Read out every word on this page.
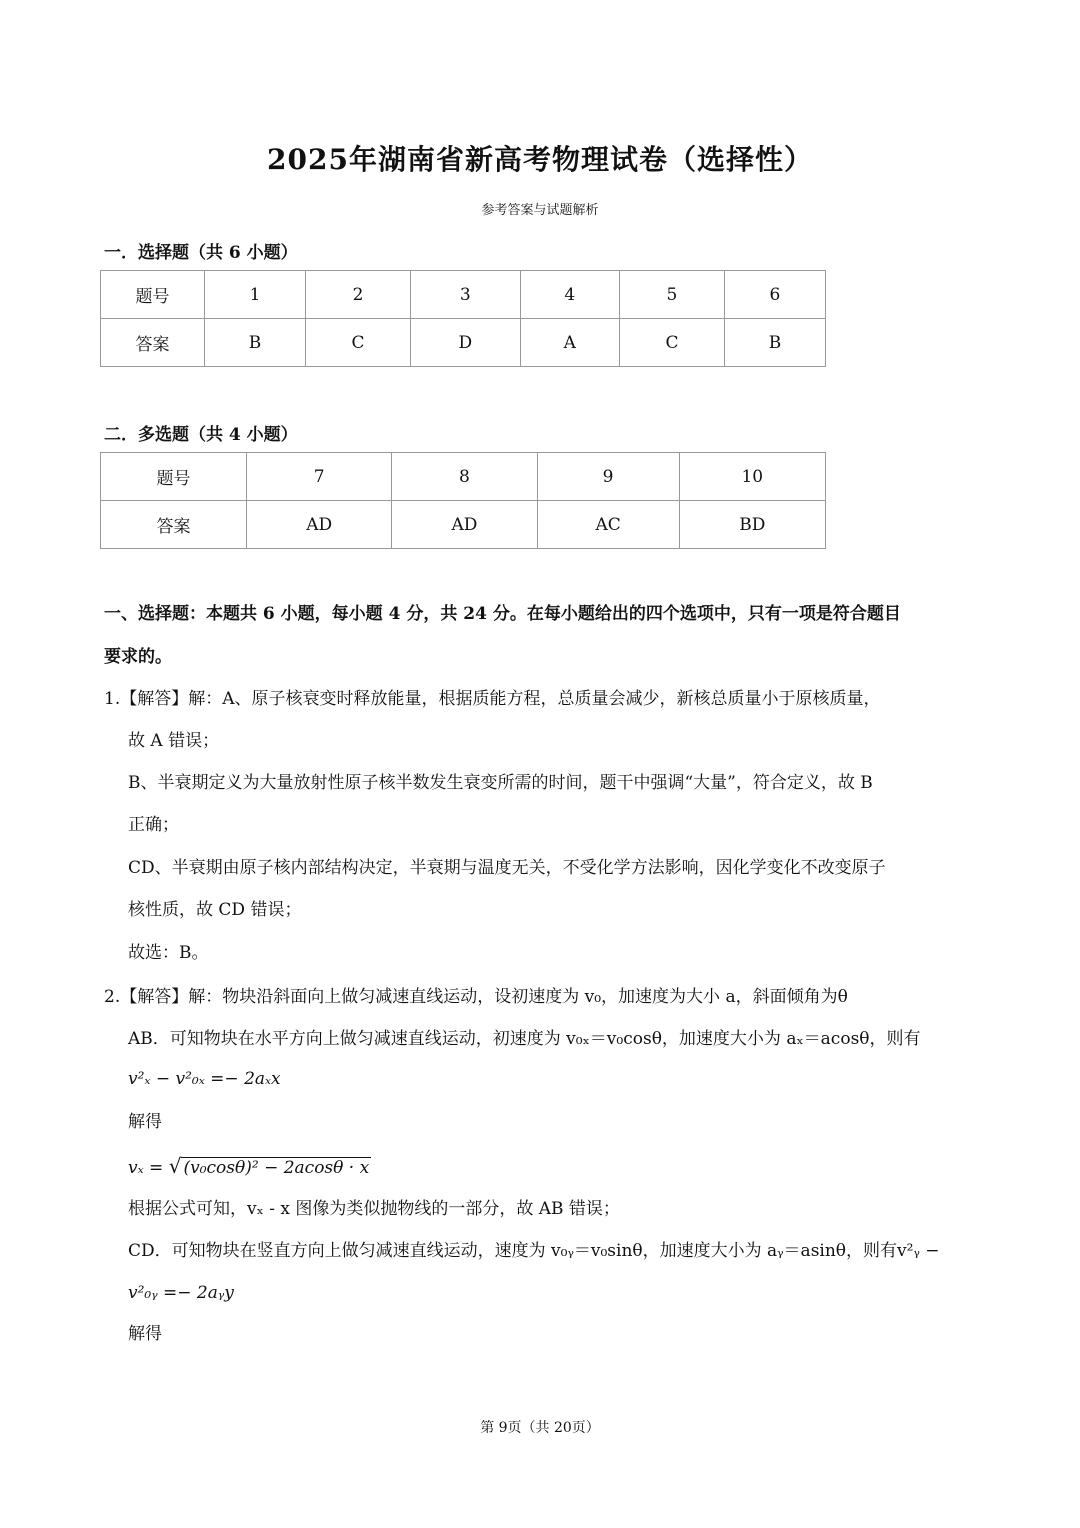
2025年湖南省新高考物理试卷（选择性）
参考答案与试题解析
一．选择题（共 6 小题）
题号	1	2	3	4	5	6
答案	B	C	D	A	C	B
二．多选题（共 4 小题）
题号	7	8	9	10
答案	AD	AD	AC	BD
一、选择题：本题共 6 小题，每小题 4 分，共 24 分。在每小题给出的四个选项中，只有一项是符合题目
要求的。
1.【解答】解：A、原子核衰变时释放能量，根据质能方程，总质量会减少，新核总质量小于原核质量，
故 A 错误；
B、半衰期定义为大量放射性原子核半数发生衰变所需的时间，题干中强调“大量”，符合定义，故 B
正确；
CD、半衰期由原子核内部结构决定，半衰期与温度无关，不受化学方法影响，因化学变化不改变原子
核性质，故 CD 错误；
故选：B。
2.【解答】解：物块沿斜面向上做匀减速直线运动，设初速度为 v₀，加速度为大小 a，斜面倾角为θ
AB．可知物块在水平方向上做匀减速直线运动，初速度为 v₀ₓ＝v₀cosθ，加速度大小为 aₓ＝acosθ，则有
v²ₓ − v²₀ₓ =− 2aₓx
解得
vₓ = √ (v₀cosθ)² − 2acosθ · x
根据公式可知，vₓ - x 图像为类似抛物线的一部分，故 AB 错误；
CD．可知物块在竖直方向上做匀减速直线运动，速度为 v₀ᵧ＝v₀sinθ，加速度大小为 aᵧ＝asinθ，则有v²ᵧ −
v²₀ᵧ =− 2aᵧy
解得
第 9页（共 20页）
